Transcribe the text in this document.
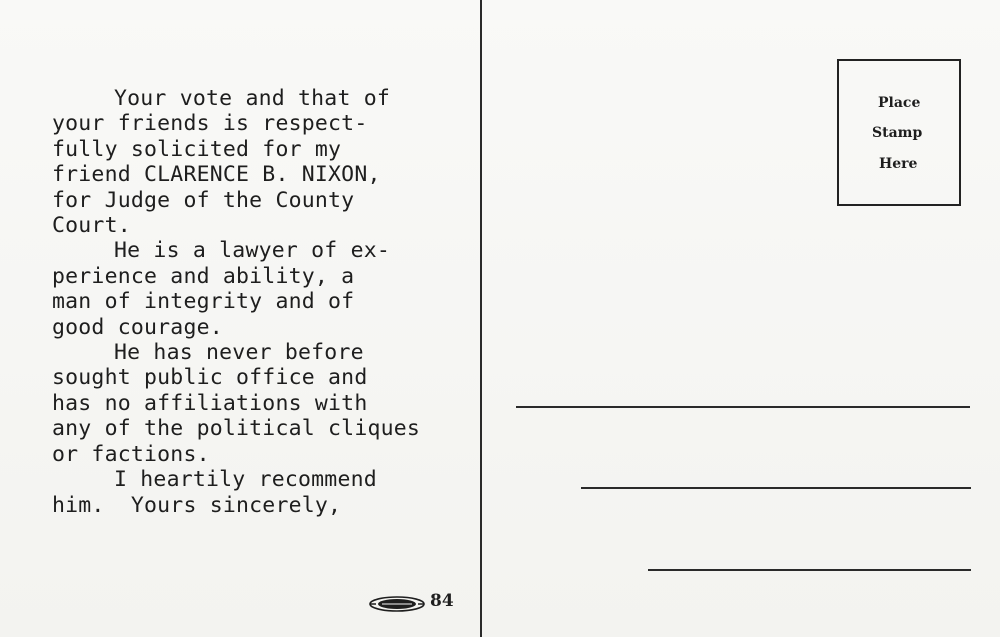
Your vote and that of
your friends is respect-
fully solicited for my
friend CLARENCE B. NIXON,
for Judge of the County
Court.
He is a lawyer of ex-
perience and ability, a
man of integrity and of
good courage.
He has never before
sought public office and
has no affiliations with
any of the political cliques
or factions.
I heartily recommend
him.  Yours sincerely,
Place
Stamp
Here
84
